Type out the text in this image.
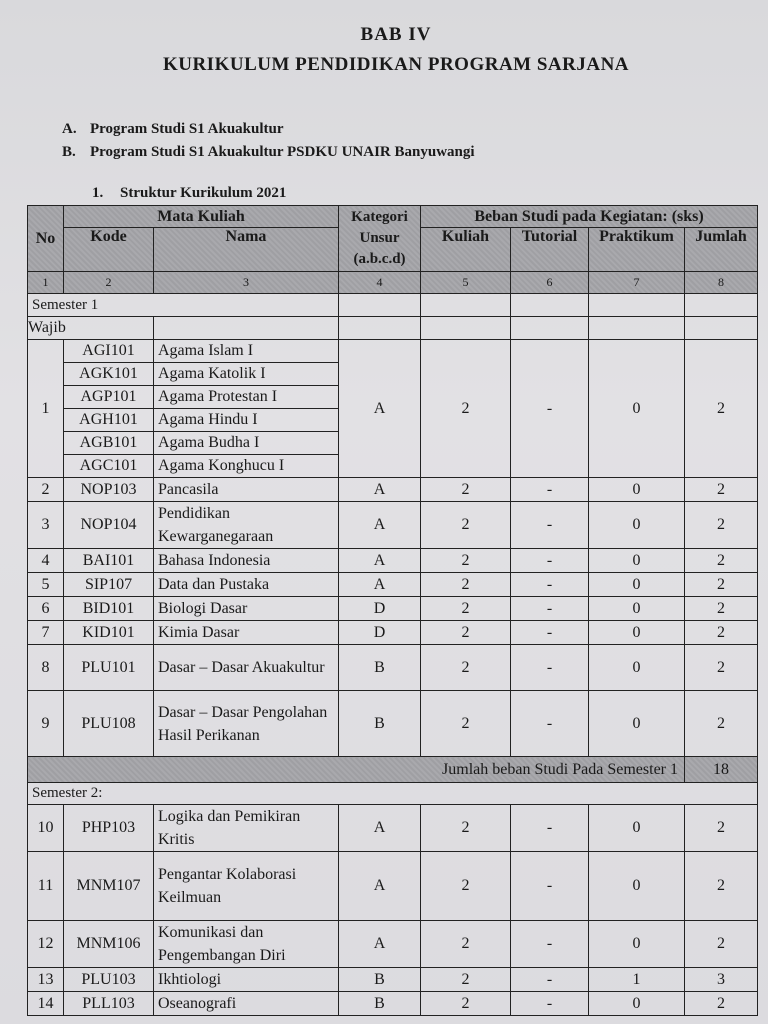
BAB IV
KURIKULUM PENDIDIKAN PROGRAM SARJANA
A. Program Studi S1 Akuakultur
B. Program Studi S1 Akuakultur PSDKU UNAIR Banyuwangi
1. Struktur Kurikulum 2021
No	Mata Kuliah		Kategori Unsur (a.b.c.d)	Beban Studi pada Kegiatan: (sks)			
	Kode	Nama		Kuliah	Tutorial	Praktikum	Jumlah
1	2	3	4	5	6	7	8
Semester 1							
Wajib							
1	AGI101	Agama Islam I	A	2	-	0	2
	AGK101	Agama Katolik I					
	AGP101	Agama Protestan I					
	AGH101	Agama Hindu I					
	AGB101	Agama Budha I					
	AGC101	Agama Konghucu I					
2	NOP103	Pancasila	A	2	-	0	2
3	NOP104	Pendidikan Kewarganegaraan	A	2	-	0	2
4	BAI101	Bahasa Indonesia	A	2	-	0	2
5	SIP107	Data dan Pustaka	A	2	-	0	2
6	BID101	Biologi Dasar	D	2	-	0	2
7	KID101	Kimia Dasar	D	2	-	0	2
8	PLU101	Dasar – Dasar Akuakultur	B	2	-	0	2
9	PLU108	Dasar – Dasar Pengolahan Hasil Perikanan	B	2	-	0	2
Jumlah beban Studi Pada Semester 1							18
Semester 2:							
10	PHP103	Logika dan Pemikiran Kritis	A	2	-	0	2
11	MNM107	Pengantar Kolaborasi Keilmuan	A	2	-	0	2
12	MNM106	Komunikasi dan Pengembangan Diri	A	2	-	0	2
13	PLU103	Ikhtiologi	B	2	-	1	3
14	PLL103	Oseanografi	B	2	-	0	2
